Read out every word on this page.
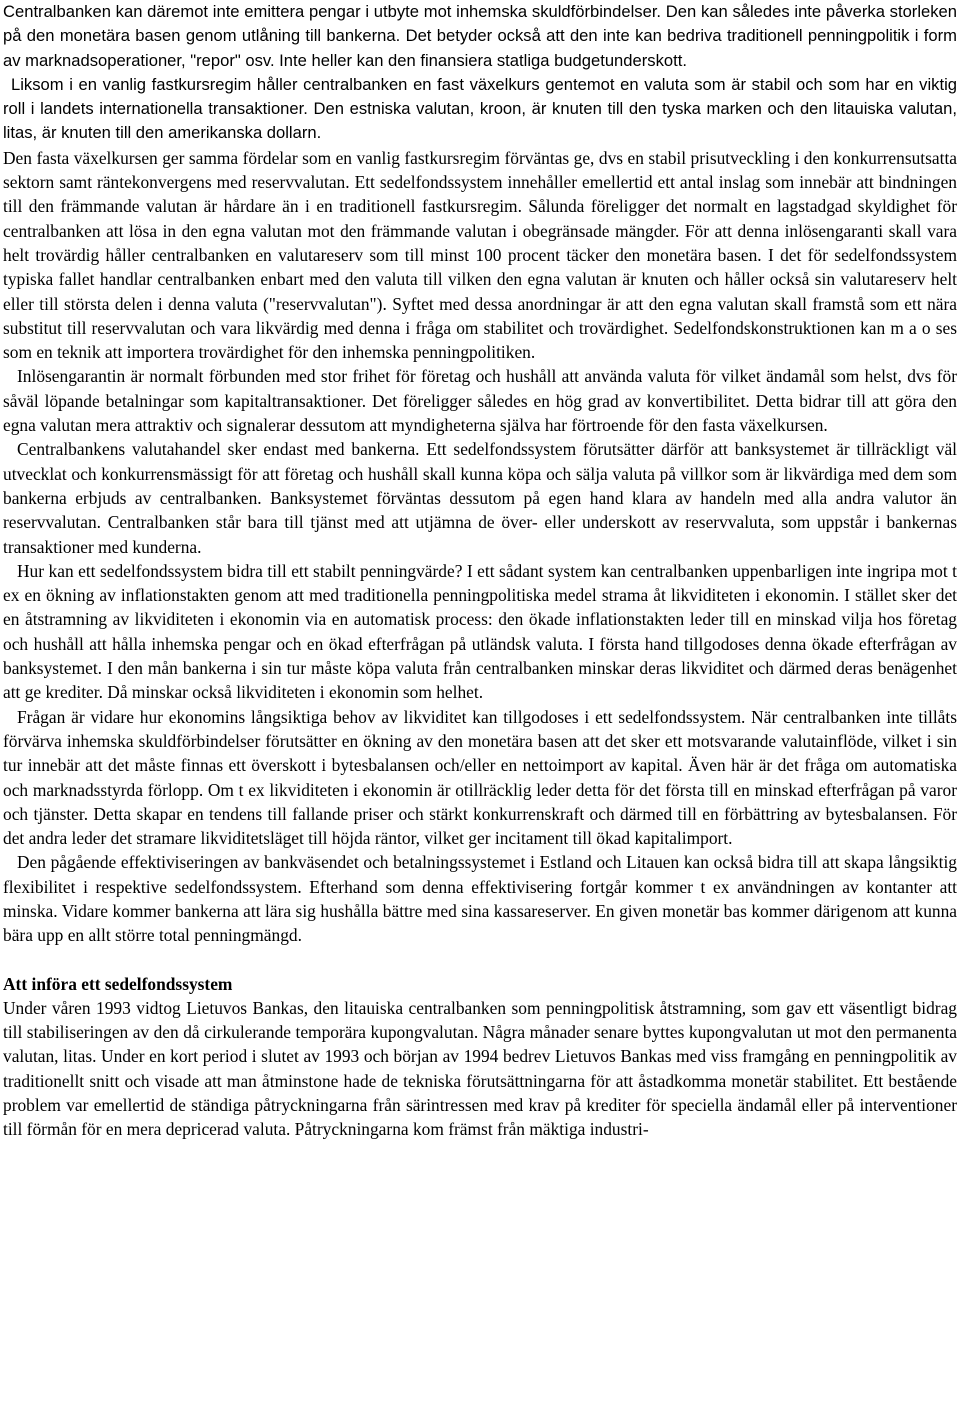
Centralbanken kan däremot inte emittera pengar i utbyte mot inhemska skuldförbindelser. Den kan således inte påverka storleken på den monetära basen genom utlåning till bankerna. Det betyder också att den inte kan bedriva traditionell penningpolitik i form av marknadsoperationer, "repor" osv. Inte heller kan den finansiera statliga budgetunderskott.

Liksom i en vanlig fastkursregim håller centralbanken en fast växelkurs gentemot en valuta som är stabil och som har en viktig roll i landets internationella transaktioner. Den estniska valutan, kroon, är knuten till den tyska marken och den litauiska valutan, litas, är knuten till den amerikanska dollarn.

Den fasta växelkursen ger samma fördelar som en vanlig fastkursregim förväntas ge, dvs en stabil prisutveckling i den konkurrensutsatta sektorn samt räntekonvergens med reservvalutan. Ett sedelfondssystem innehåller emellertid ett antal inslag som innebär att bindningen till den främmande valutan är hårdare än i en traditionell fastkursregim. Sålunda föreligger det normalt en lagstadgad skyldighet för centralbanken att lösa in den egna valutan mot den främmande valutan i obegränsade mängder. För att denna inlösengaranti skall vara helt trovärdig håller centralbanken en valutareserv som till minst 100 procent täcker den monetära basen. I det för sedelfondssystem typiska fallet handlar centralbanken enbart med den valuta till vilken den egna valutan är knuten och håller också sin valutareserv helt eller till största delen i denna valuta ("reservvalutan"). Syftet med dessa anordningar är att den egna valutan skall framstå som ett nära substitut till reservvalutan och vara likvärdig med denna i fråga om stabilitet och trovärdighet. Sedelfondskonstruktionen kan m a o ses som en teknik att importera trovärdighet för den inhemska penningpolitiken.

Inlösengarantin är normalt förbunden med stor frihet för företag och hushåll att använda valuta för vilket ändamål som helst, dvs för såväl löpande betalningar som kapitaltransaktioner. Det föreligger således en hög grad av konvertibilitet. Detta bidrar till att göra den egna valutan mera attraktiv och signalerar dessutom att myndigheterna själva har förtroende för den fasta växelkursen.

Centralbankens valutahandel sker endast med bankerna. Ett sedelfondssystem förutsätter därför att banksystemet är tillräckligt väl utvecklat och konkurrensmässigt för att företag och hushåll skall kunna köpa och sälja valuta på villkor som är likvärdiga med dem som bankerna erbjuds av centralbanken. Banksystemet förväntas dessutom på egen hand klara av handeln med alla andra valutor än reservvalutan. Centralbanken står bara till tjänst med att utjämna de över- eller underskott av reservvaluta, som uppstår i bankernas transaktioner med kunderna.

Hur kan ett sedelfondssystem bidra till ett stabilt penningvärde? I ett sådant system kan centralbanken uppenbarligen inte ingripa mot t ex en ökning av inflationstakten genom att med traditionella penningpolitiska medel strama åt likviditeten i ekonomin. I stället sker det en åtstramning av likviditeten i ekonomin via en automatisk process: den ökade inflationstakten leder till en minskad vilja hos företag och hushåll att hålla inhemska pengar och en ökad efterfrågan på utländsk valuta. I första hand tillgodoses denna ökade efterfrågan av banksystemet. I den mån bankerna i sin tur måste köpa valuta från centralbanken minskar deras likviditet och därmed deras benägenhet att ge krediter. Då minskar också likviditeten i ekonomin som helhet.

Frågan är vidare hur ekonomins långsiktiga behov av likviditet kan tillgodoses i ett sedelfondssystem. När centralbanken inte tillåts förvärva inhemska skuldförbindelser förutsätter en ökning av den monetära basen att det sker ett motsvarande valutainflöde, vilket i sin tur innebär att det måste finnas ett överskott i bytesbalansen och/eller en nettoimport av kapital. Även här är det fråga om automatiska och marknadsstyrda förlopp. Om t ex likviditeten i ekonomin är otillräcklig leder detta för det första till en minskad efterfrågan på varor och tjänster. Detta skapar en tendens till fallande priser och stärkt konkurrenskraft och därmed till en förbättring av bytesbalansen. För det andra leder det stramare likviditetsläget till höjda räntor, vilket ger incitament till ökad kapitalimport.

Den pågående effektiviseringen av bankväsendet och betalningssystemet i Estland och Litauen kan också bidra till att skapa långsiktig flexibilitet i respektive sedelfondssystem. Efterhand som denna effektivisering fortgår kommer t ex användningen av kontanter att minska. Vidare kommer bankerna att lära sig hushålla bättre med sina kassareserver. En given monetär bas kommer därigenom att kunna bära upp en allt större total penningmängd.

Att införa ett sedelfondssystem

Under våren 1993 vidtog Lietuvos Bankas, den litauiska centralbanken som penningpolitisk åtstramning, som gav ett väsentligt bidrag till stabiliseringen av den då cirkulerande temporära kupongvalutan. Några månader senare byttes kupongvalutan ut mot den permanenta valutan, litas. Under en kort period i slutet av 1993 och början av 1994 bedrev Lietuvos Bankas med viss framgång en penningpolitik av traditionellt snitt och visade att man åtminstone hade de tekniska förutsättningarna för att åstadkomma monetär stabilitet. Ett bestående problem var emellertid de ständiga påtryckningarna från särintressen med krav på krediter för speciella ändamål eller på interventioner till förmån för en mera depricerad valuta. Påtryckningarna kom främst från mäktiga industri-
